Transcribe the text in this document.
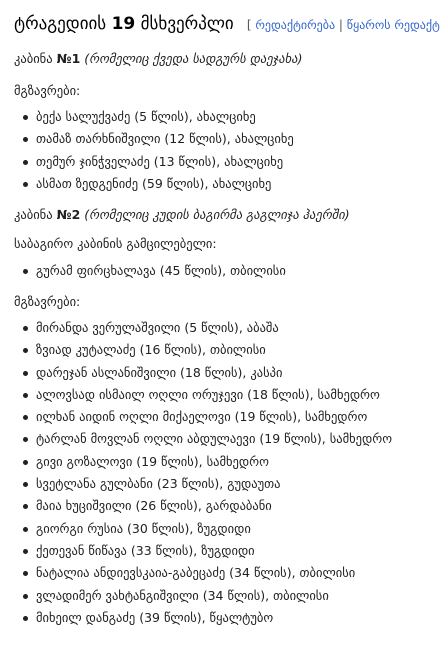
ტრაგედიის 19 მსხვერპლი [ რედაქტირება | წყაროს რედაქტ
კაბინა №1 (რომელიც ქვედა სადგურს დაეჯახა)
მგზავრები:
ბექა სალუქვაძე (5 წლის), ახალციხე
თამაზ თარხნიშვილი (12 წლის), ახალციხე
თემურ ჯინჭველაძე (13 წლის), ახალციხე
ასმათ ზედგენიძე (59 წლის), ახალციხე
კაბინა №2 (რომელიც კუდის ბაგირმა გაგლიჯა ჰაერში)
საბაგირო კაბინის გამცილებელი:
გურამ ფირცხალავა (45 წლის), თბილისი
მგზავრები:
მირანდა ვერულაშვილი (5 წლის), აბაშა
ზვიად კუტალაძე (16 წლის), თბილისი
დარეჯან ასლანიშვილი (18 წლის), კასპი
ალოვსად ისმაილ ოღლი ორუჯევი (18 წლის), სამხედრო
ილხან აიდინ ოღლი მიქაელოვი (19 წლის), სამხედრო
ტარლან მოვლან ოღლი აბდულაევი (19 წლის), სამხედრო
გივი გოზალოვი (19 წლის), სამხედრო
სვეტლანა გულბანი (23 წლის), გუდაუთა
მაია ხუციშვილი (26 წლის), გარდაბანი
გიორგი რუსია (30 წლის), ზუგდიდი
ქეთევან წიწავა (33 წლის), ზუგდიდი
ნატალია ანდიევსკაია-გაბეცაძე (34 წლის), თბილისი
ვლადიმერ ვახტანგიშვილი (34 წლის), თბილისი
მიხეილ დანგაძე (39 წლის), წყალტუბო
